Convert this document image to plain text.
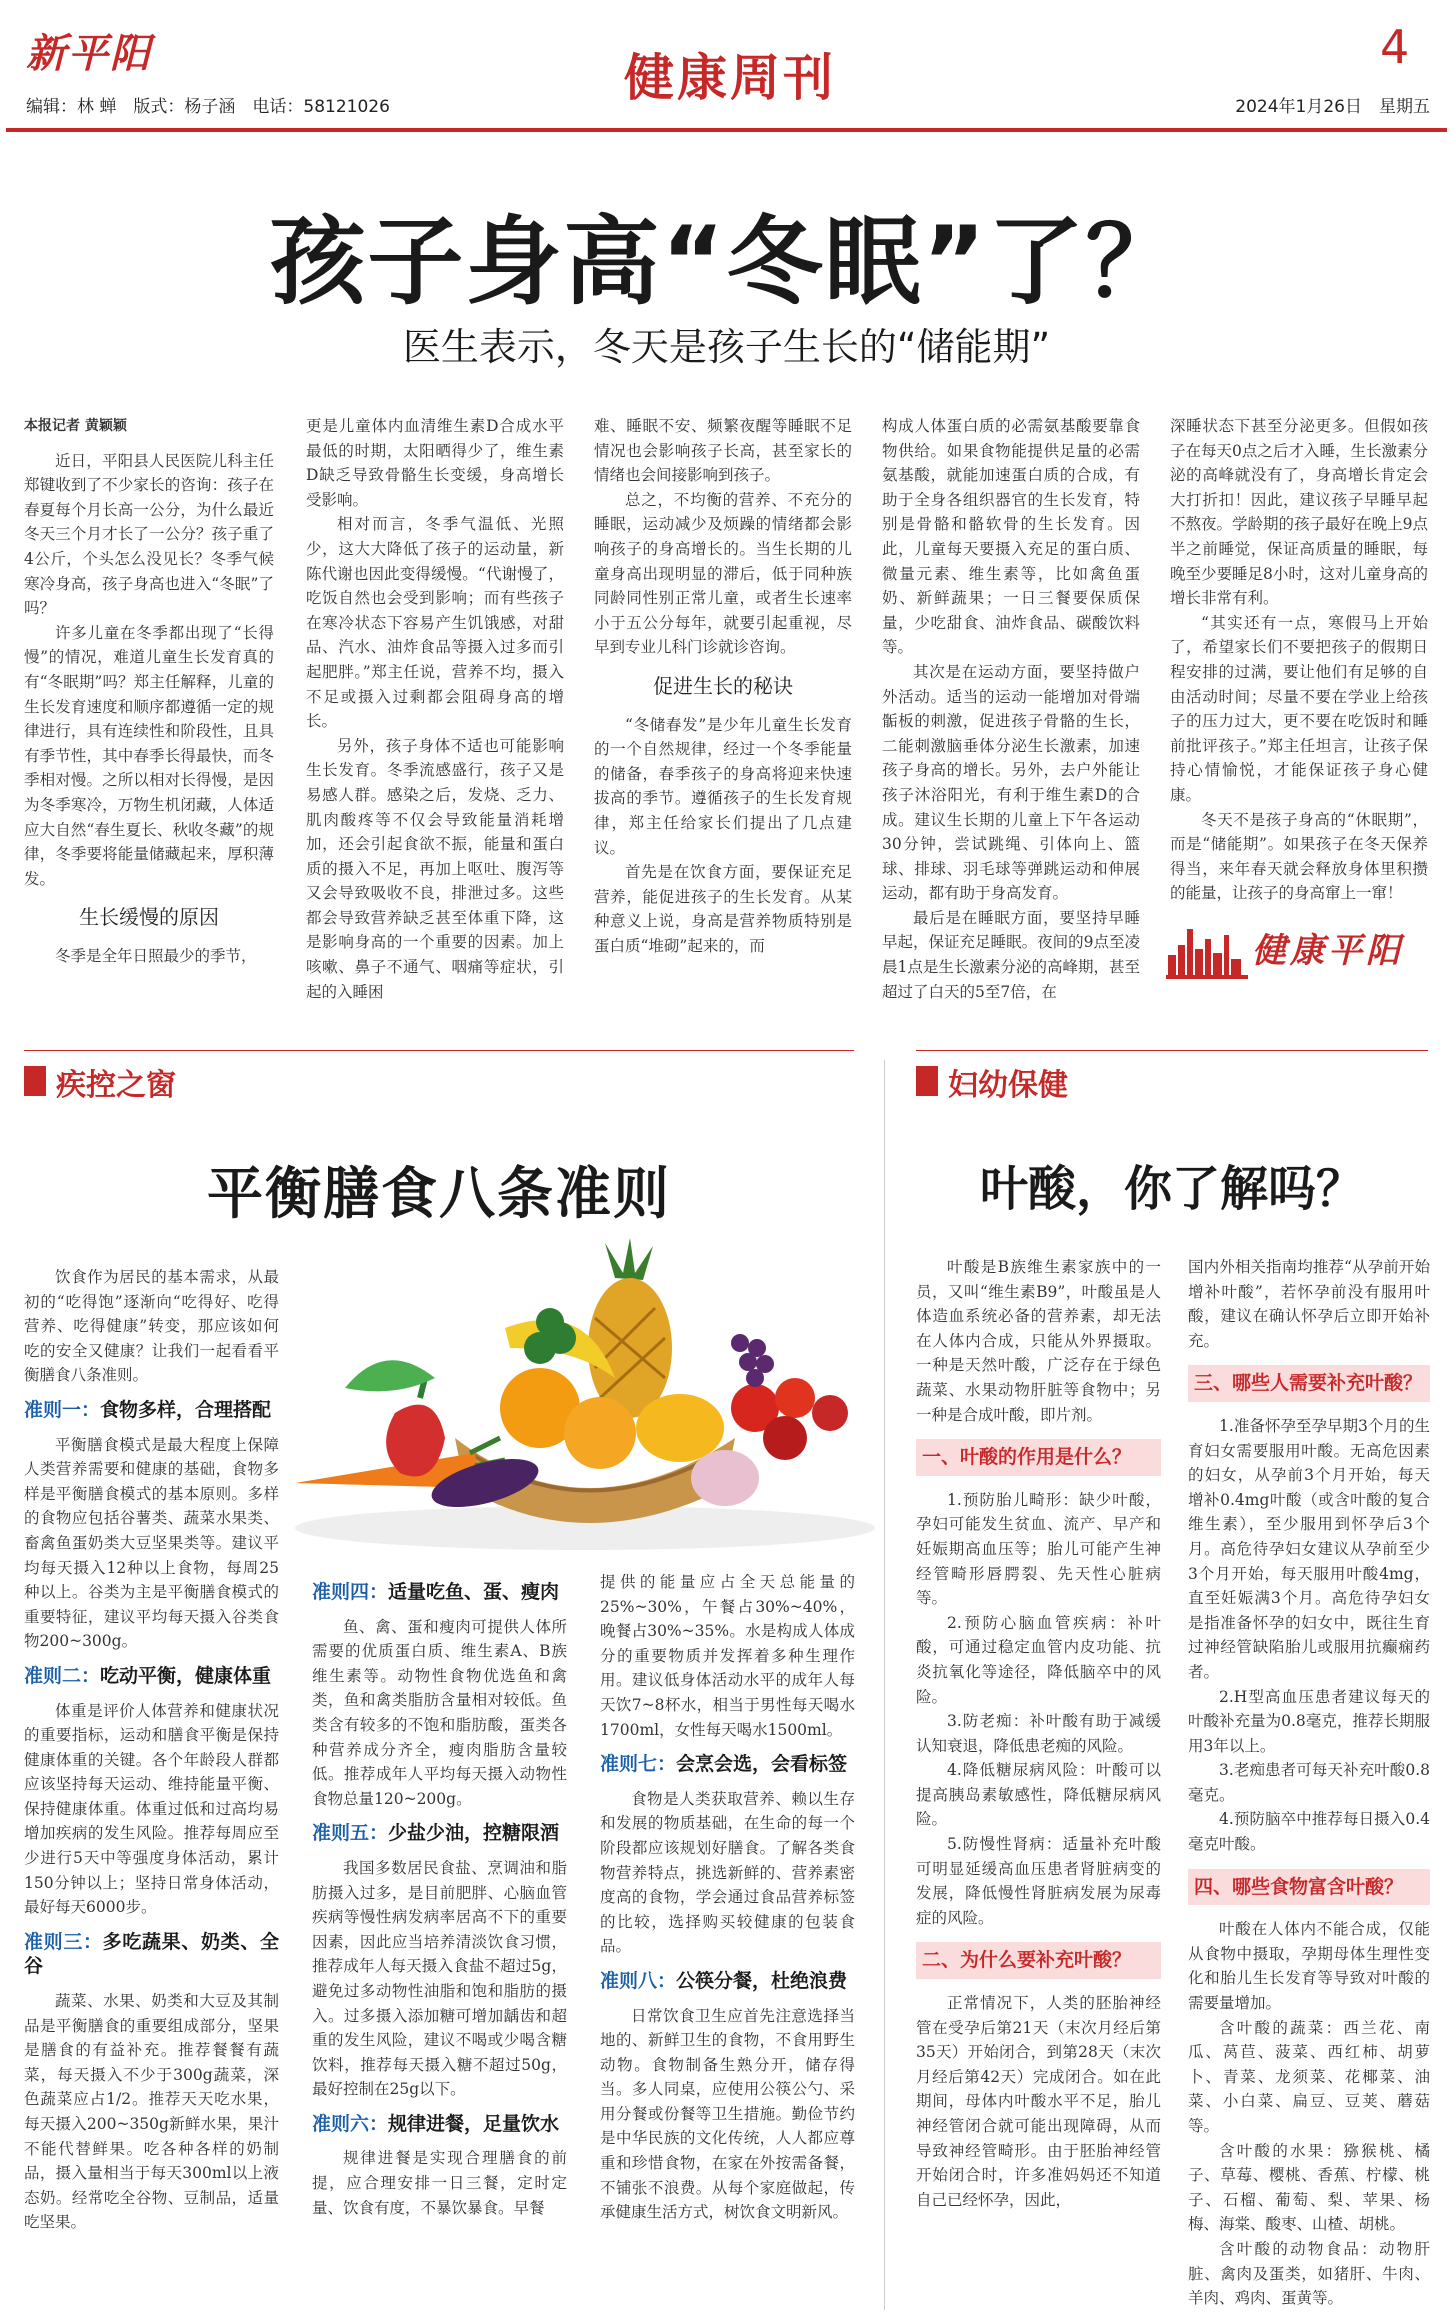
新平阳
编辑：林 蝉　版式：杨子涵　电话：58121026	健康周刊
4
2024年1月26日　星期五
孩子身高“冬眠”了？
医生表示，冬天是孩子生长的“储能期”
本报记者 黄颖颖

近日，平阳县人民医院儿科主任郑键收到了不少家长的咨询：孩子在春夏每个月长高一公分，为什么最近冬天三个月才长了一公分？孩子重了4公斤，个头怎么没见长？冬季气候寒冷身高，孩子身高也进入“冬眠”了吗？

许多儿童在冬季都出现了“长得慢”的情况，难道儿童生长发育真的有“冬眠期”吗？郑主任解释，儿童的生长发育速度和顺序都遵循一定的规律进行，具有连续性和阶段性，且具有季节性，其中春季长得最快，而冬季相对慢。之所以相对长得慢，是因为冬季寒冷，万物生机闭藏，人体适应大自然“春生夏长、秋收冬藏”的规律，冬季要将能量储藏起来，厚积薄发。

生长缓慢的原因

冬季是全年日照最少的季节，

更是儿童体内血清维生素D合成水平最低的时期，太阳晒得少了，维生素D缺乏导致骨骼生长变缓，身高增长受影响。

相对而言，冬季气温低、光照少，这大大降低了孩子的运动量，新陈代谢也因此变得缓慢。“代谢慢了，吃饭自然也会受到影响；而有些孩子在寒冷状态下容易产生饥饿感，对甜品、汽水、油炸食品等摄入过多而引起肥胖。”郑主任说，营养不均，摄入不足或摄入过剩都会阻碍身高的增长。

另外，孩子身体不适也可能影响生长发育。冬季流感盛行，孩子又是易感人群。感染之后，发烧、乏力、肌肉酸疼等不仅会导致能量消耗增加，还会引起食欲不振，能量和蛋白质的摄入不足，再加上呕吐、腹泻等又会导致吸收不良，排泄过多。这些都会导致营养缺乏甚至体重下降，这是影响身高的一个重要的因素。加上咳嗽、鼻子不通气、咽痛等症状，引起的入睡困

难、睡眠不安、频繁夜醒等睡眠不足情况也会影响孩子长高，甚至家长的情绪也会间接影响到孩子。

总之，不均衡的营养、不充分的睡眠，运动减少及烦躁的情绪都会影响孩子的身高增长的。当生长期的儿童身高出现明显的滞后，低于同种族同龄同性别正常儿童，或者生长速率小于五公分每年，就要引起重视，尽早到专业儿科门诊就诊咨询。

促进生长的秘诀

“冬储春发”是少年儿童生长发育的一个自然规律，经过一个冬季能量的储备，春季孩子的身高将迎来快速拔高的季节。遵循孩子的生长发育规律，郑主任给家长们提出了几点建议。

首先是在饮食方面，要保证充足营养，能促进孩子的生长发育。从某种意义上说，身高是营养物质特别是蛋白质“堆砌”起来的，而

构成人体蛋白质的必需氨基酸要靠食物供给。如果食物能提供足量的必需氨基酸，就能加速蛋白质的合成，有助于全身各组织器官的生长发育，特别是骨骼和骼软骨的生长发育。因此，儿童每天要摄入充足的蛋白质、微量元素、维生素等，比如禽鱼蛋奶、新鲜蔬果；一日三餐要保质保量，少吃甜食、油炸食品、碳酸饮料等。

其次是在运动方面，要坚持做户外活动。适当的运动一能增加对骨端骺板的刺激，促进孩子骨骼的生长，二能刺激脑垂体分泌生长激素，加速孩子身高的增长。另外，去户外能让孩子沐浴阳光，有利于维生素D的合成。建议生长期的儿童上下午各运动30分钟，尝试跳绳、引体向上、篮球、排球、羽毛球等弹跳运动和伸展运动，都有助于身高发育。

最后是在睡眠方面，要坚持早睡早起，保证充足睡眠。夜间的9点至凌晨1点是生长激素分泌的高峰期，甚至超过了白天的5至7倍，在

深睡状态下甚至分泌更多。但假如孩子在每天0点之后才入睡，生长激素分泌的高峰就没有了，身高增长肯定会大打折扣！因此，建议孩子早睡早起不熬夜。学龄期的孩子最好在晚上9点半之前睡觉，保证高质量的睡眠，每晚至少要睡足8小时，这对儿童身高的增长非常有利。

“其实还有一点，寒假马上开始了，希望家长们不要把孩子的假期日程安排的过满，要让他们有足够的自由活动时间；尽量不要在学业上给孩子的压力过大，更不要在吃饭时和睡前批评孩子。”郑主任坦言，让孩子保持心情愉悦，才能保证孩子身心健康。

冬天不是孩子身高的“休眠期”，而是“储能期”。如果孩子在冬天保养得当，来年春天就会释放身体里积攒的能量，让孩子的身高窜上一窜！

健康平阳
疾控之窗
平衡膳食八条准则

饮食作为居民的基本需求，从最初的“吃得饱”逐渐向“吃得好、吃得营养、吃得健康”转变，那应该如何吃的安全又健康？让我们一起看看平衡膳食八条准则。

准则一：食物多样，合理搭配

平衡膳食模式是最大程度上保障人类营养需要和健康的基础，食物多样是平衡膳食模式的基本原则。多样的食物应包括谷薯类、蔬菜水果类、畜禽鱼蛋奶类大豆坚果类等。建议平均每天摄入12种以上食物，每周25种以上。谷类为主是平衡膳食模式的重要特征，建议平均每天摄入谷类食物200~300g。

准则二：吃动平衡，健康体重

体重是评价人体营养和健康状况的重要指标，运动和膳食平衡是保持健康体重的关键。各个年龄段人群都应该坚持每天运动、维持能量平衡、保持健康体重。体重过低和过高均易增加疾病的发生风险。推荐每周应至少进行5天中等强度身体活动，累计150分钟以上；坚持日常身体活动，最好每天6000步。

准则三：多吃蔬果、奶类、全谷

蔬菜、水果、奶类和大豆及其制品是平衡膳食的重要组成部分，坚果是膳食的有益补充。推荐餐餐有蔬菜，每天摄入不少于300g蔬菜，深色蔬菜应占1/2。推荐天天吃水果，每天摄入200~350g新鲜水果，果汁不能代替鲜果。吃各种各样的奶制品，摄入量相当于每天300ml以上液态奶。经常吃全谷物、豆制品，适量吃坚果。

准则四：适量吃鱼、蛋、瘦肉

鱼、禽、蛋和瘦肉可提供人体所需要的优质蛋白质、维生素A、B族维生素等。动物性食物优选鱼和禽类，鱼和禽类脂肪含量相对较低。鱼类含有较多的不饱和脂肪酸，蛋类各种营养成分齐全，瘦肉脂肪含量较低。推荐成年人平均每天摄入动物性食物总量120~200g。

准则五：少盐少油，控糖限酒

我国多数居民食盐、烹调油和脂肪摄入过多，是目前肥胖、心脑血管疾病等慢性病发病率居高不下的重要因素，因此应当培养清淡饮食习惯，推荐成年人每天摄入食盐不超过5g，避免过多动物性油脂和饱和脂肪的摄入。过多摄入添加糖可增加龋齿和超重的发生风险，建议不喝或少喝含糖饮料，推荐每天摄入糖不超过50g，最好控制在25g以下。

准则六：规律进餐，足量饮水

规律进餐是实现合理膳食的前提，应合理安排一日三餐，定时定量、饮食有度，不暴饮暴食。早餐

提供的能量应占全天总能量的25%~30%，午餐占30%~40%，晚餐占30%~35%。水是构成人体成分的重要物质并发挥着多种生理作用。建议低身体活动水平的成年人每天饮7~8杯水，相当于男性每天喝水1700ml，女性每天喝水1500ml。

准则七：会烹会选，会看标签

食物是人类获取营养、赖以生存和发展的物质基础，在生命的每一个阶段都应该规划好膳食。了解各类食物营养特点，挑选新鲜的、营养素密度高的食物，学会通过食品营养标签的比较，选择购买较健康的包装食品。

准则八：公筷分餐，杜绝浪费

日常饮食卫生应首先注意选择当地的、新鲜卫生的食物，不食用野生动物。食物制备生熟分开，储存得当。多人同桌，应使用公筷公勺、采用分餐或份餐等卫生措施。勤俭节约是中华民族的文化传统，人人都应尊重和珍惜食物，在家在外按需备餐，不铺张不浪费。从每个家庭做起，传承健康生活方式，树饮食文明新风。

妇幼保健
叶酸，你了解吗？

叶酸是B族维生素家族中的一员，又叫“维生素B9”，叶酸虽是人体造血系统必备的营养素，却无法在人体内合成，只能从外界摄取。一种是天然叶酸，广泛存在于绿色蔬菜、水果动物肝脏等食物中；另一种是合成叶酸，即片剂。

一、叶酸的作用是什么？

1.预防胎儿畸形：缺少叶酸，孕妇可能发生贫血、流产、早产和妊娠期高血压等；胎儿可能产生神经管畸形唇腭裂、先天性心脏病等。

2.预防心脑血管疾病：补叶酸，可通过稳定血管内皮功能、抗炎抗氧化等途径，降低脑卒中的风险。

3.防老痴：补叶酸有助于减缓认知衰退，降低患老痴的风险。

4.降低糖尿病风险：叶酸可以提高胰岛素敏感性，降低糖尿病风险。

5.防慢性肾病：适量补充叶酸可明显延缓高血压患者肾脏病变的发展，降低慢性肾脏病发展为尿毒症的风险。

二、为什么要补充叶酸？

正常情况下，人类的胚胎神经管在受孕后第21天（末次月经后第35天）开始闭合，到第28天（末次月经后第42天）完成闭合。如在此期间，母体内叶酸水平不足，胎儿神经管闭合就可能出现障碍，从而导致神经管畸形。由于胚胎神经管开始闭合时，许多准妈妈还不知道自己已经怀孕，因此，

国内外相关指南均推荐“从孕前开始增补叶酸”，若怀孕前没有服用叶酸，建议在确认怀孕后立即开始补充。

三、哪些人需要补充叶酸？

1.准备怀孕至孕早期3个月的生育妇女需要服用叶酸。无高危因素的妇女，从孕前3个月开始，每天增补0.4mg叶酸（或含叶酸的复合维生素），至少服用到怀孕后3个月。高危待孕妇女建议从孕前至少3个月开始，每天服用叶酸4mg，直至妊娠满3个月。高危待孕妇女是指准备怀孕的妇女中，既往生育过神经管缺陷胎儿或服用抗癫痫药者。

2.H型高血压患者建议每天的叶酸补充量为0.8毫克，推荐长期服用3年以上。

3.老痴患者可每天补充叶酸0.8毫克。

4.预防脑卒中推荐每日摄入0.4毫克叶酸。

四、哪些食物富含叶酸？

叶酸在人体内不能合成，仅能从食物中摄取，孕期母体生理性变化和胎儿生长发育等导致对叶酸的需要量增加。

含叶酸的蔬菜：西兰花、南瓜、莴苣、菠菜、西红柿、胡萝卜、青菜、龙须菜、花椰菜、油菜、小白菜、扁豆、豆荚、蘑菇等。

含叶酸的水果：猕猴桃、橘子、草莓、樱桃、香蕉、柠檬、桃子、石榴、葡萄、梨、苹果、杨梅、海棠、酸枣、山楂、胡桃。

含叶酸的动物食品：动物肝脏、禽肉及蛋类，如猪肝、牛肉、羊肉、鸡肉、蛋黄等。
